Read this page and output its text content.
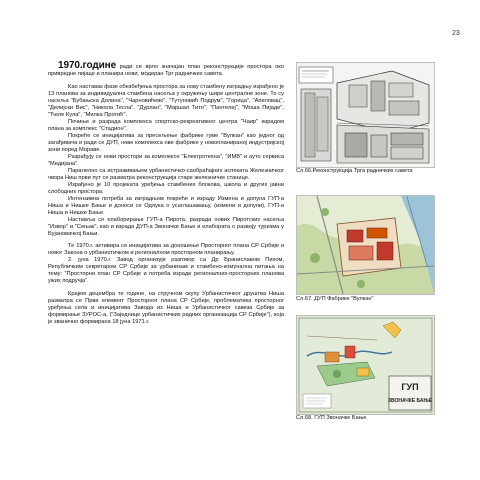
23

1970.године ради се врло значајан план реконструкције простора око привредне пијаце и планира нови, модеран Трг радничких савета.

Као наставак фазе обезбеђења простора за нову стамбену изградњу израђено је 13 планова за индивидуална стамбена насеља у окружењу шире централне зоне. То су насеља "Бубањска Долина", "Чарновићево", "Тутуновић Подрум", "Горица", "Апеловац", "Делијски Вис", "Никола Тесла", "Дурлан", "Маршал Тито", "Пантелеј", "Моша Пијаде", "Ћеле Кула", "Милка Протић".

Почиње и разрада комплекса спортско-рекреативног центра "Чаир" израдом плана за комплекс "Стадион".

Покреће се иницијатива за пресељење фабрике гуме "Вулкан" као једног од загађивача и ради се ДУП, нове комплекса ове фабрике у новопланираној индустријској зони поред Мораве.

Разрађују се нови простори за комплексе "Електротехна", "ИМВ" и ауто сервиса "Медијана".

Паралелно са истраживањем урбанистичко-саобраћајних аспеката Железничког чвора Ниш први пут се разматра реконструкција старе железничке станице.

Израђено је 10 пројеката уређења стамбених блокова, школа и других јавни слободних простора.

Интензивна потреба за изградњом покреће и израду Измена и допуна ГУП-а Ниша и Нишке Бање и доноси се Одлука о усаглашавању, (измени и допуни), ГУП-а Ниша и Нишке Бање.

Наставља се елаборирање ГУП-а Пирота, разрада нових Пиротских насеља "Извор" и "Сењак", као и израда ДУП-а Звоначке Бање и елабората о развоју туризма у Бујановачкој Бањи.

Те 1970.г. активира се иницијатива за доношење Просторног плана СР Србије и новог Закона о урбанистичком и регионалном просторном планирању.

2. јуна 1970.г. Завод организује разговор са Др Браниславом Пихом, Републичким секретаром СР Србије за урбанизам и стамбено-комунална питања на тему: "Просторни план СР Србије и потреба израде регионалних-просторних планова ужих подручја".

Крајем децембра те године, на стручном скупу Урбанистичког друштва Ниша разматра се Први елемент Просторног плана СР Србије, проблематика просторног уређења села и иницијатива Завода из Ниша и Урбанистичког савеза Србије за формирање ЗУРОС-а, ("Заједнице урбанистичких радних организација СР Србије"), која је званично формирана 18 јуна 1971.г.

Сл.66.Реконструкција Трга радничких савета
Сл.67. ДУП Фабрике "Вулкан"
ГУП
ЗВОНАЧКЕ БАЊЕ
Сл.68. ГУП Звоначке Бање
